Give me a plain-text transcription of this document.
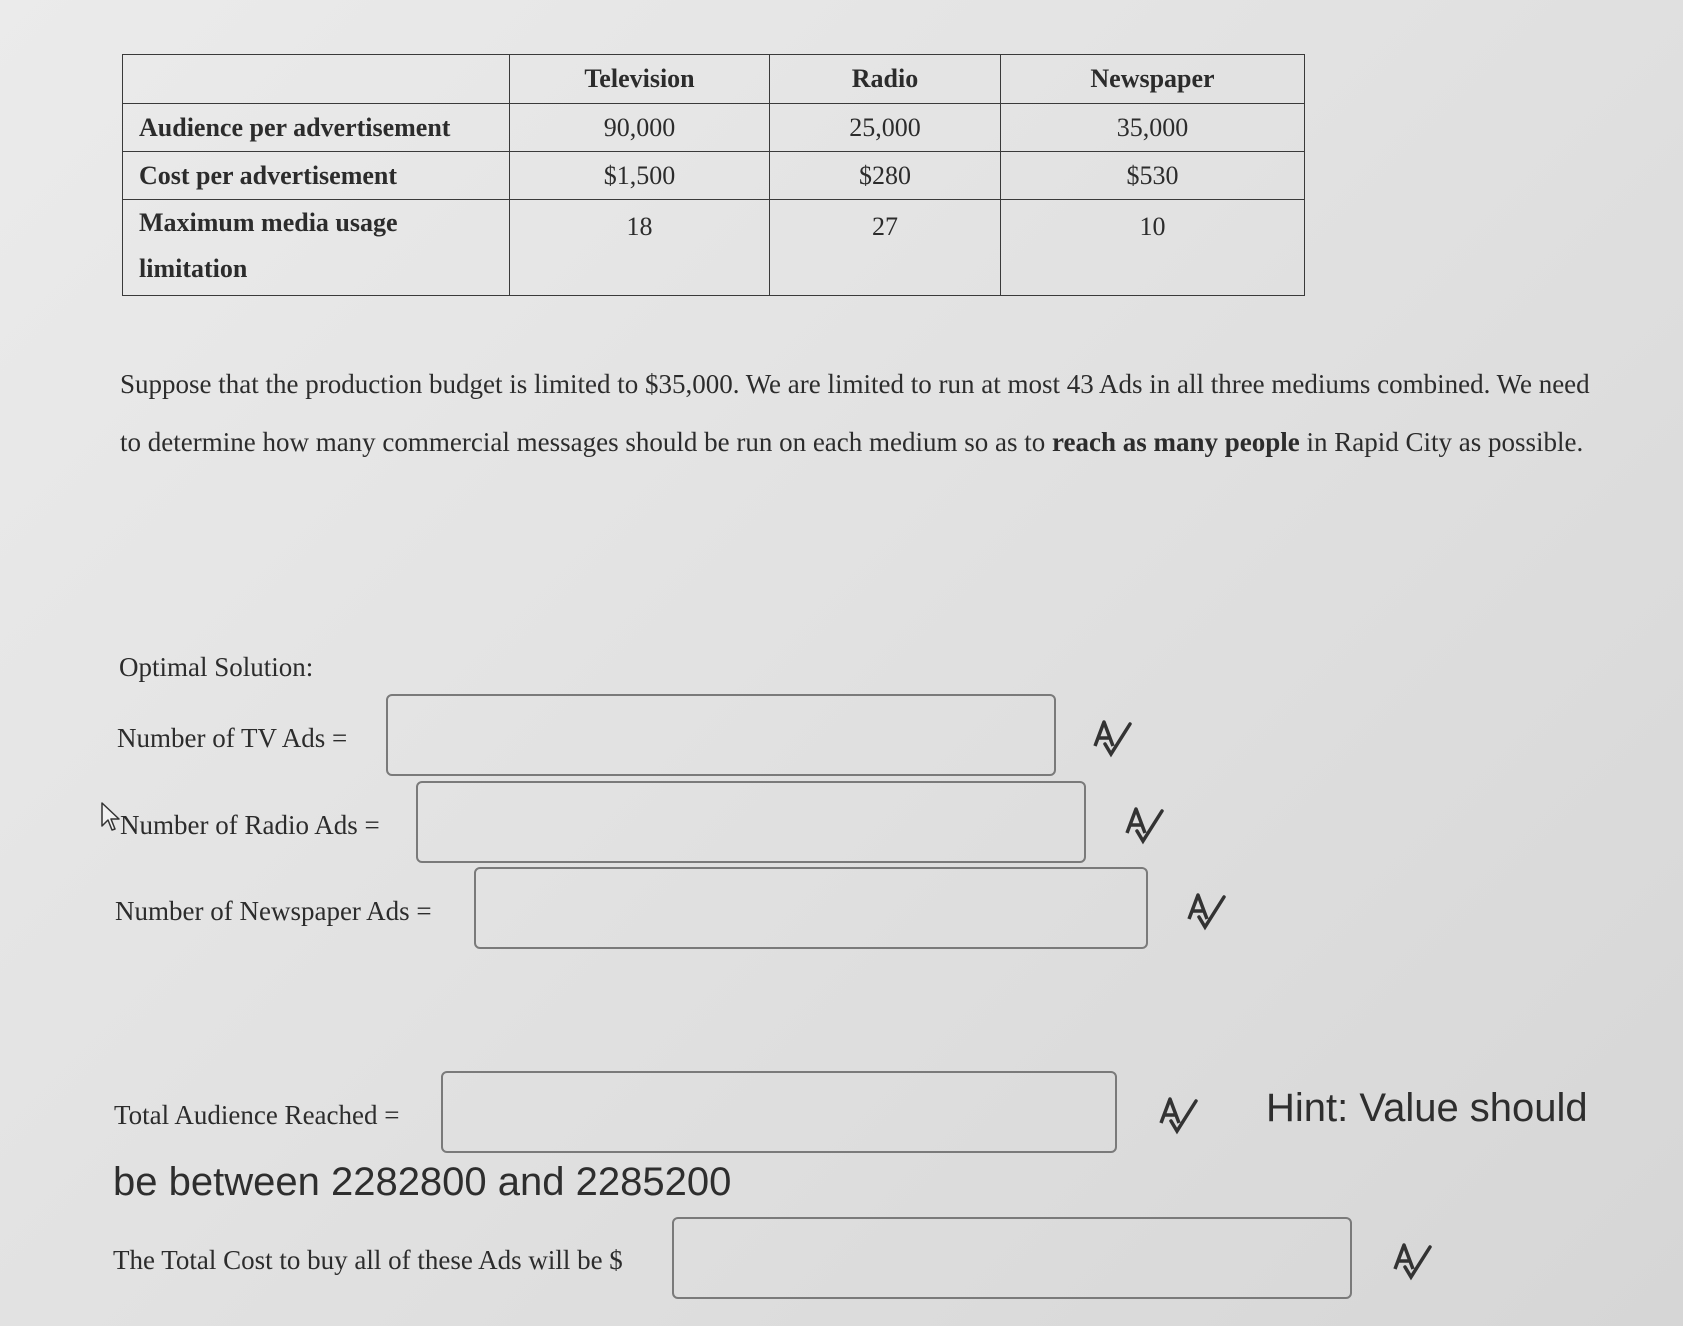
	Television	Radio	Newspaper
Audience per advertisement	90,000	25,000	35,000
Cost per advertisement	$1,500	$280	$530

Maximum media usage
limitation	18	27	10

Suppose that the production budget is limited to $35,000. We are limited to run at most 43 Ads in all three mediums combined. We need to determine how many commercial messages should be run on each medium so as to reach as many people in Rapid City as possible.

Optimal Solution:
Number of TV Ads =
Number of Radio Ads =
Number of Newspaper Ads =
Total Audience Reached =	Hint: Value should
be between 2282800 and 2285200
The Total Cost to buy all of these Ads will be $
